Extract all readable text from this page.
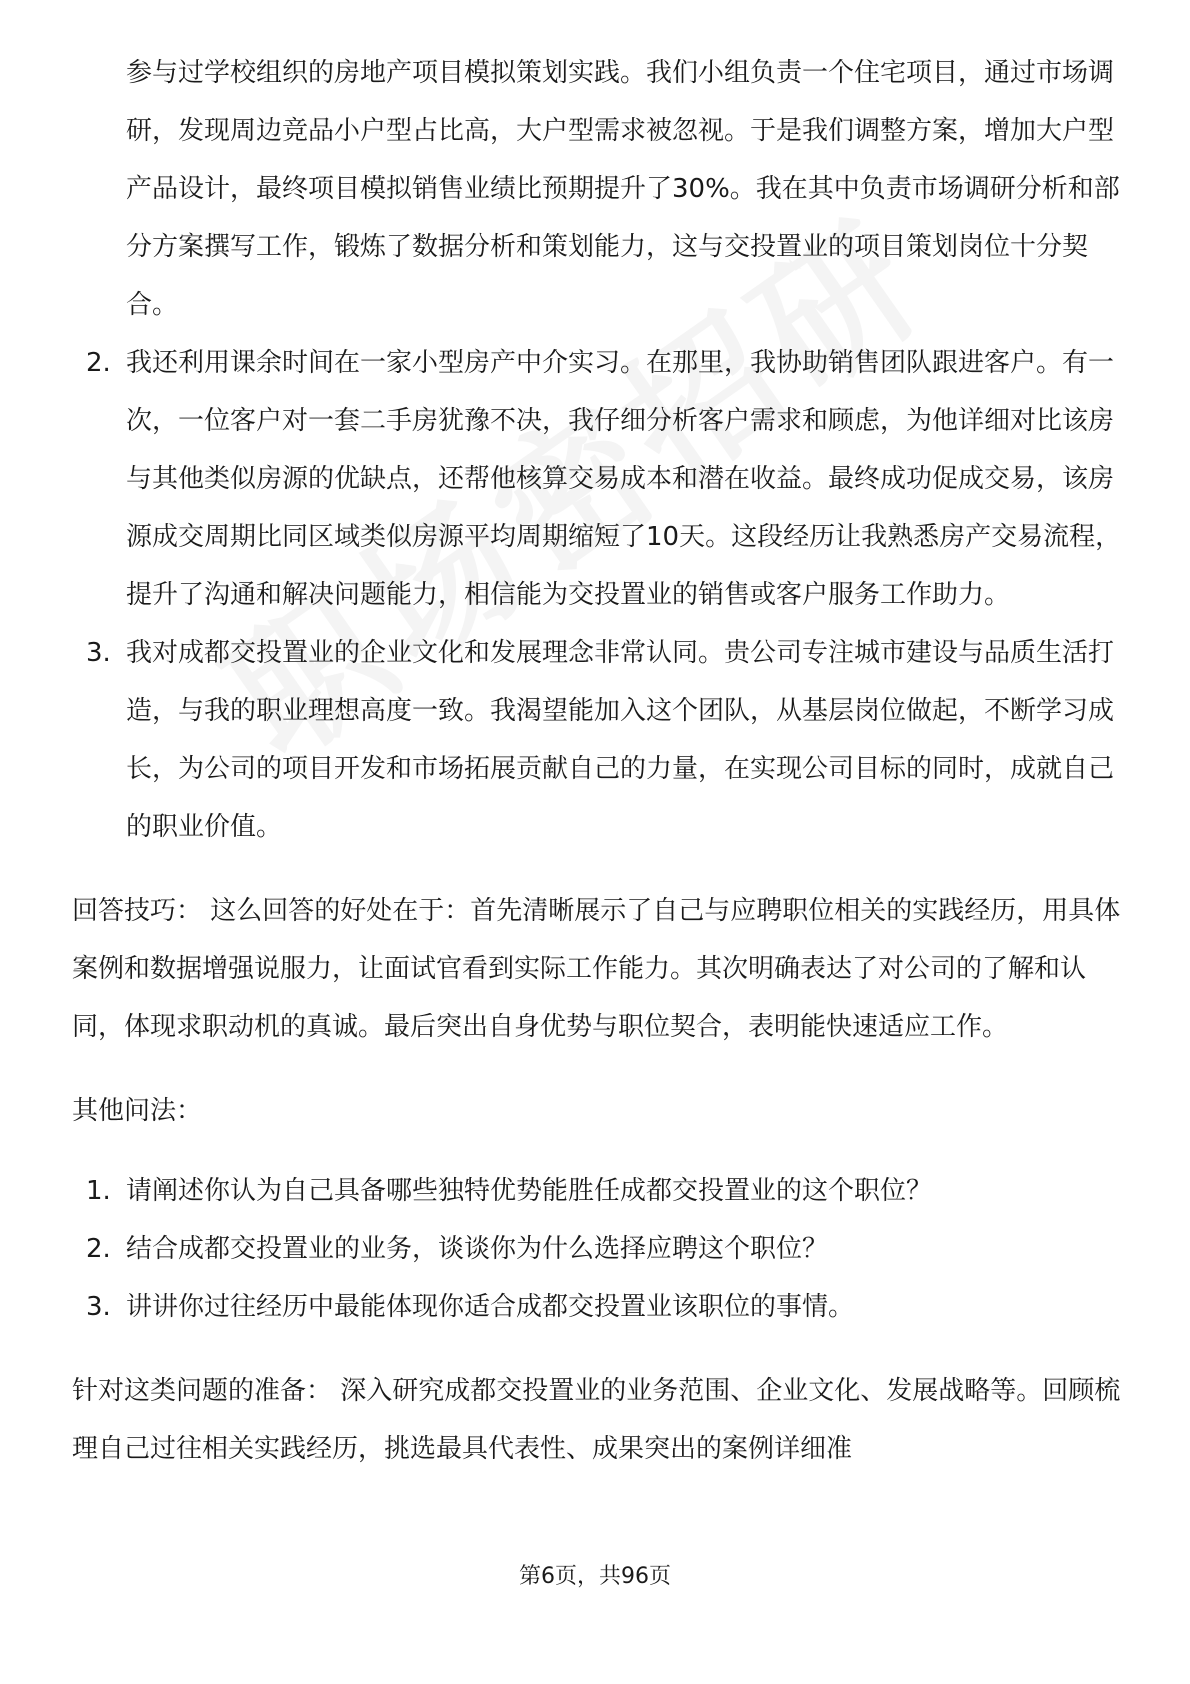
参与过学校组织的房地产项目模拟策划实践。我们小组负责一个住宅项目，通过市场调研，发现周边竞品小户型占比高，大户型需求被忽视。于是我们调整方案，增加大户型产品设计，最终项目模拟销售业绩比预期提升了30%。我在其中负责市场调研分析和部分方案撰写工作，锻炼了数据分析和策划能力，这与交投置业的项目策划岗位十分契合。

2. 我还利用课余时间在一家小型房产中介实习。在那里，我协助销售团队跟进客户。有一次，一位客户对一套二手房犹豫不决，我仔细分析客户需求和顾虑，为他详细对比该房与其他类似房源的优缺点，还帮他核算交易成本和潜在收益。最终成功促成交易，该房源成交周期比同区域类似房源平均周期缩短了10天。这段经历让我熟悉房产交易流程，提升了沟通和解决问题能力，相信能为交投置业的销售或客户服务工作助力。

3. 我对成都交投置业的企业文化和发展理念非常认同。贵公司专注城市建设与品质生活打造，与我的职业理想高度一致。我渴望能加入这个团队，从基层岗位做起，不断学习成长，为公司的项目开发和市场拓展贡献自己的力量，在实现公司目标的同时，成就自己的职业价值。

回答技巧： 这么回答的好处在于：首先清晰展示了自己与应聘职位相关的实践经历，用具体案例和数据增强说服力，让面试官看到实际工作能力。其次明确表达了对公司的了解和认同，体现求职动机的真诚。最后突出自身优势与职位契合，表明能快速适应工作。

其他问法：

1. 请阐述你认为自己具备哪些独特优势能胜任成都交投置业的这个职位？

2. 结合成都交投置业的业务，谈谈你为什么选择应聘这个职位？

3. 讲讲你过往经历中最能体现你适合成都交投置业该职位的事情。

针对这类问题的准备： 深入研究成都交投置业的业务范围、企业文化、发展战略等。回顾梳理自己过往相关实践经历，挑选最具代表性、成果突出的案例详细准

第6页，共96页
